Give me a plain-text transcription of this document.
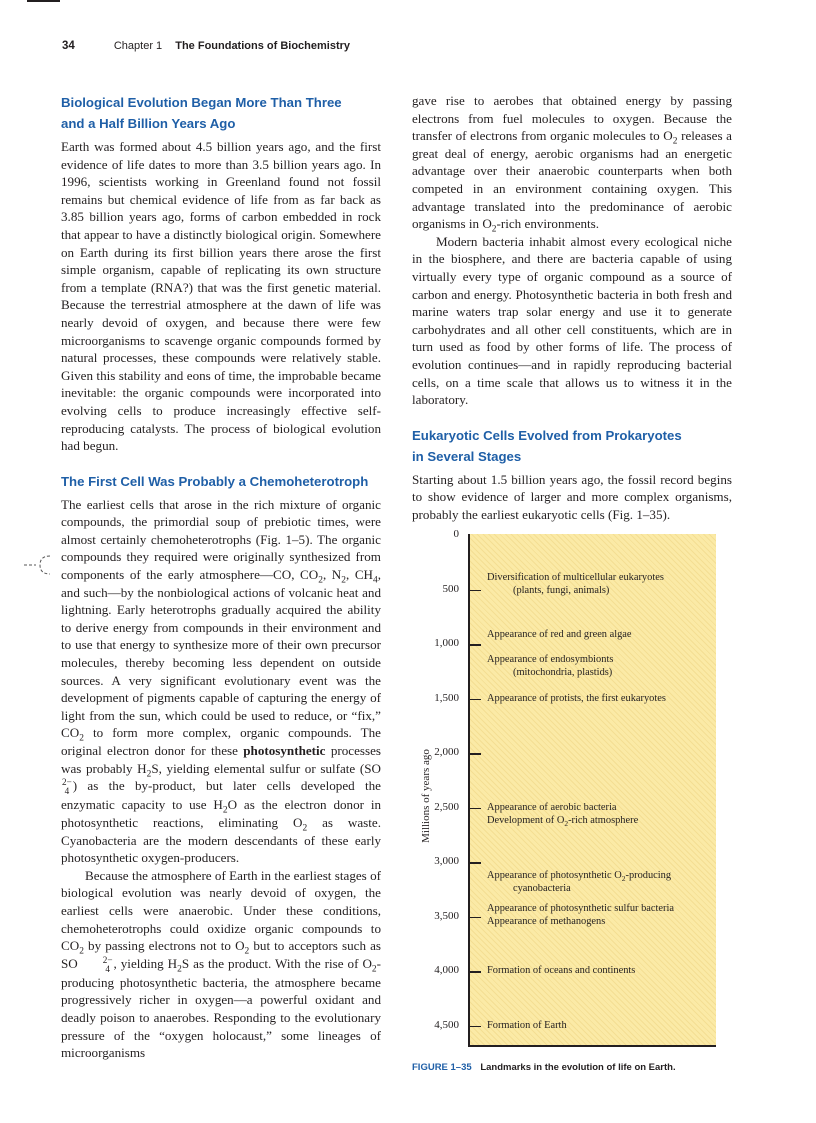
34	Chapter 1 The Foundations of Biochemistry
Biological Evolution Began More Than Three
and a Half Billion Years Ago

Earth was formed about 4.5 billion years ago, and the first evidence of life dates to more than 3.5 billion years ago. In 1996, scientists working in Greenland found not fossil remains but chemical evidence of life from as far back as 3.85 billion years ago, forms of carbon embedded in rock that appear to have a distinctly biological origin. Somewhere on Earth during its first billion years there arose the first simple organism, capable of replicating its own structure from a template (RNA?) that was the first genetic material. Because the terrestrial atmosphere at the dawn of life was nearly devoid of oxygen, and because there were few microorganisms to scavenge organic compounds formed by natural processes, these compounds were relatively stable. Given this stability and eons of time, the improbable became inevitable: the organic compounds were incorporated into evolving cells to produce increasingly effective self-reproducing catalysts. The process of biological evolution had begun.

The First Cell Was Probably a Chemoheterotroph

The earliest cells that arose in the rich mixture of organic compounds, the primordial soup of prebiotic times, were almost certainly chemoheterotrophs (Fig. 1–5). The organic compounds they required were originally synthesized from components of the early atmosphere—CO, $CO_2$, $N_2$, $CH_4$, and such—by the nonbiological actions of volcanic heat and lightning. Early heterotrophs gradually acquired the ability to derive energy from compounds in their environment and to use that energy to synthesize more of their own precursor molecules, thereby becoming less dependent on outside sources. A very significant evolutionary event was the development of pigments capable of capturing the energy of light from the sun, which could be used to reduce, or “fix,” $CO_2$ to form more complex, organic compounds. The original electron donor for these photosynthetic processes was probably $H_2S$, yielding elemental sulfur or sulfate (SO
2−
4 ) as the by-product, but later cells developed the enzymatic capacity to use $H_2O$ as the electron donor in photosynthetic reactions, eliminating $O_2$ as waste. Cyanobacteria are the modern descendants of these early photosynthetic oxygen-producers.

Because the atmosphere of Earth in the earliest stages of biological evolution was nearly devoid of oxygen, the earliest cells were anaerobic. Under these conditions, chemoheterotrophs could oxidize organic compounds to $CO_2$ by passing electrons not to $O_2$ but to acceptors such as SO	2−
4 , yielding $H_2S$ as the product. With the rise of $O_2$-producing photosynthetic bacteria, the atmosphere became progressively richer in oxygen—a powerful oxidant and deadly poison to anaerobes. Responding to the evolutionary pressure of the “oxygen holocaust,” some lineages of microorganisms

gave rise to aerobes that obtained energy by passing electrons from fuel molecules to oxygen. Because the transfer of electrons from organic molecules to $O_2$ releases a great deal of energy, aerobic organisms had an energetic advantage over their anaerobic counterparts when both competed in an environment containing oxygen. This advantage translated into the predominance of aerobic organisms in $O_2$-rich environments.

Modern bacteria inhabit almost every ecological niche in the biosphere, and there are bacteria capable of using virtually every type of organic compound as a source of carbon and energy. Photosynthetic bacteria in both fresh and marine waters trap solar energy and use it to generate carbohydrates and all other cell constituents, which are in turn used as food by other forms of life. The process of evolution continues—and in rapidly reproducing bacterial cells, on a time scale that allows us to witness it in the laboratory.

Eukaryotic Cells Evolved from Prokaryotes
in Several Stages

Starting about 1.5 billion years ago, the fossil record begins to show evidence of larger and more complex organisms, probably the earliest eukaryotic cells (Fig. 1–35).

Millions of years ago
Diversification of multicellular eukaryotes
(plants, fungi, animals)
Appearance of red and green algae
Appearance of endosymbionts
(mitochondria, plastids)
Appearance of protists, the first eukaryotes
Appearance of aerobic bacteria
Development of $O_2$-rich atmosphere
Appearance of photosynthetic $O_2$-producing
cyanobacteria
Appearance of photosynthetic sulfur bacteria
Appearance of methanogens
Formation of oceans and continents
Formation of Earth
FIGURE 1–35 Landmarks in the evolution of life on Earth.
0
500
1,000
1,500
2,000
2,500
3,000
3,500
4,000
4,500
